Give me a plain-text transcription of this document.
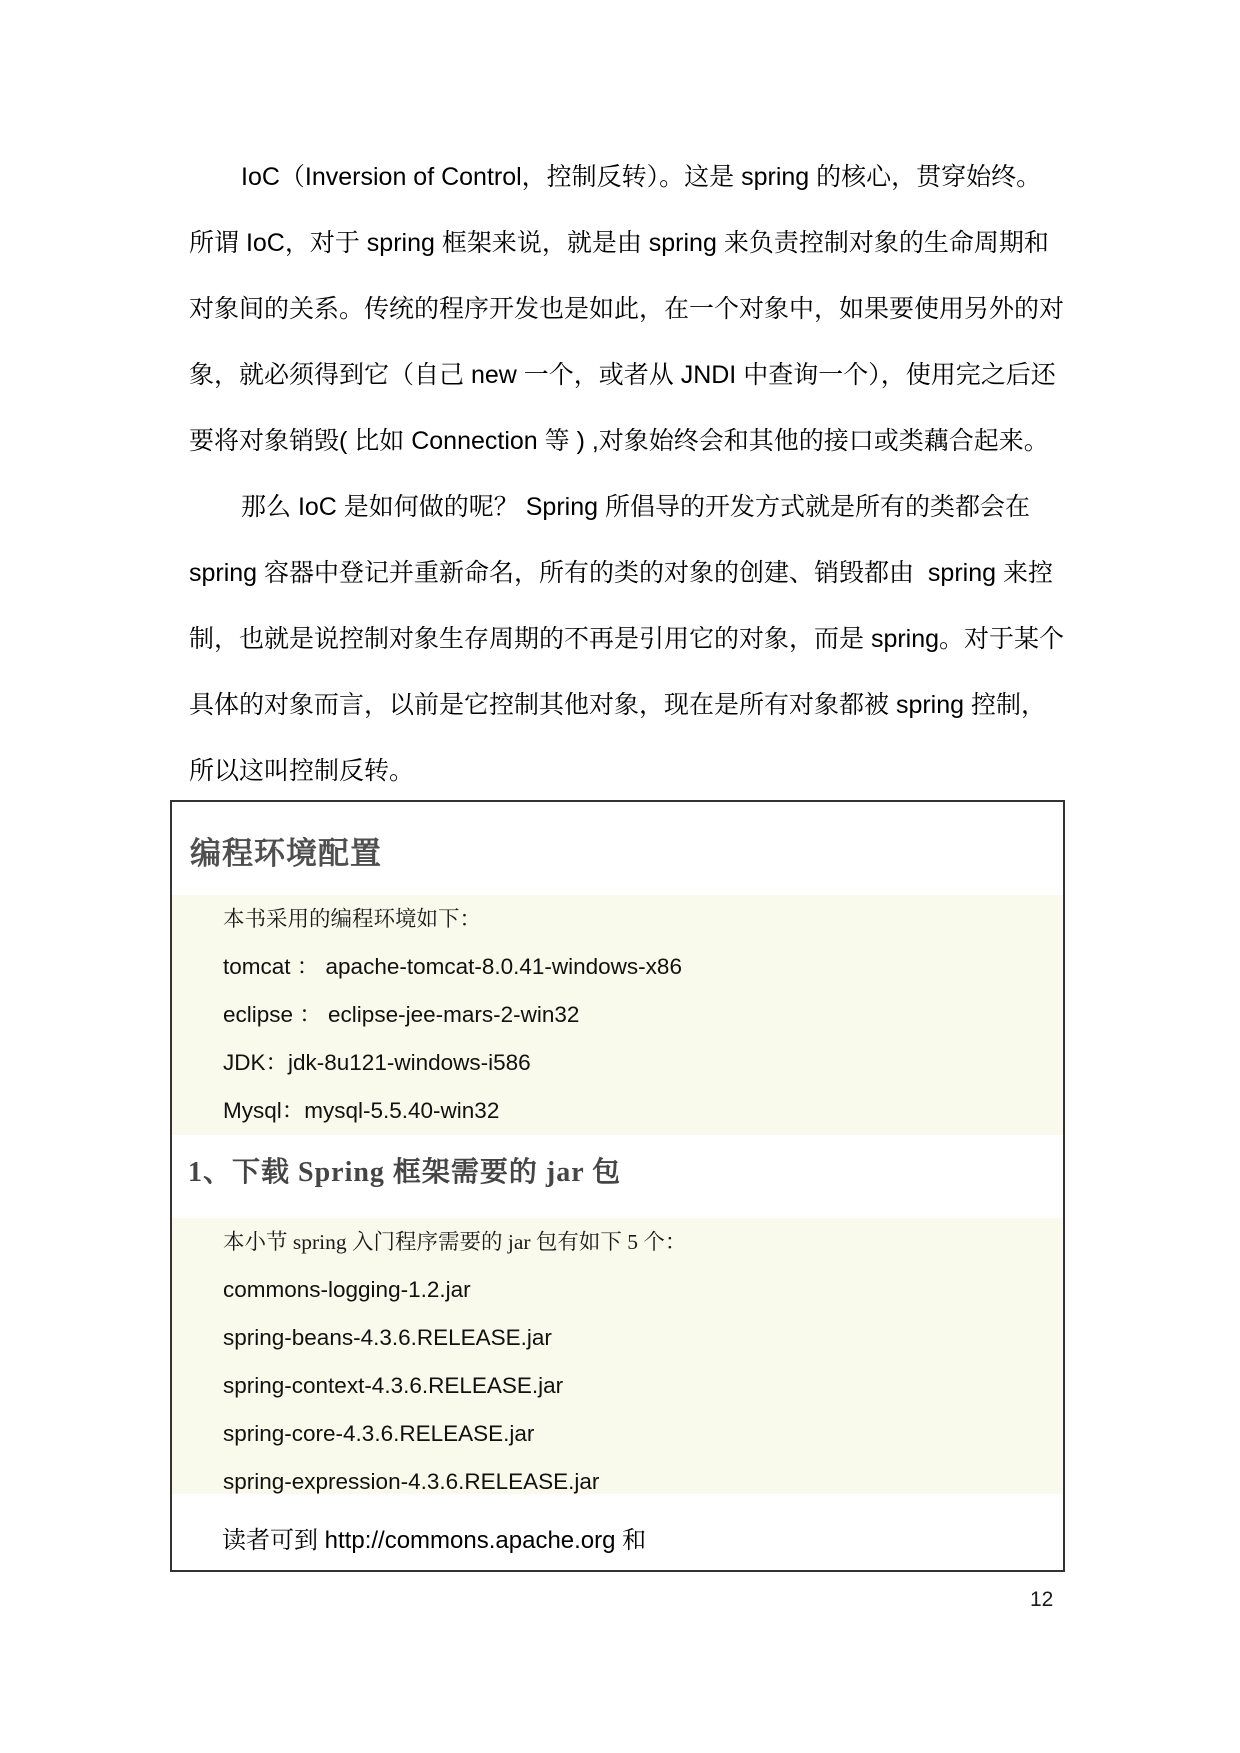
IoC（Inversion of Control，控制反转）。这是 spring 的核心，贯穿始终。
所谓 IoC，对于 spring 框架来说，就是由 spring 来负责控制对象的生命周期和
对象间的关系。传统的程序开发也是如此，在一个对象中，如果要使用另外的对
象，就必须得到它（自己 new 一个，或者从 JNDI 中查询一个），使用完之后还
要将对象销毁( 比如 Connection 等 ) ,对象始终会和其他的接口或类藕合起来。
那么 IoC 是如何做的呢？ Spring 所倡导的开发方式就是所有的类都会在
spring 容器中登记并重新命名，所有的类的对象的创建、销毁都由  spring 来控
制，也就是说控制对象生存周期的不再是引用它的对象，而是 spring。对于某个
具体的对象而言，以前是它控制其他对象，现在是所有对象都被 spring 控制，
所以这叫控制反转。
编程环境配置
本书采用的编程环境如下：
tomcat ： apache-tomcat-8.0.41-windows-x86
eclipse ： eclipse-jee-mars-2-win32
JDK：jdk-8u121-windows-i586
Mysql：mysql-5.5.40-win32
1、下载 Spring 框架需要的 jar 包
本小节 spring 入门程序需要的 jar 包有如下 5 个：
commons-logging-1.2.jar
spring-beans-4.3.6.RELEASE.jar
spring-context-4.3.6.RELEASE.jar
spring-core-4.3.6.RELEASE.jar
spring-expression-4.3.6.RELEASE.jar
读者可到 http://commons.apache.org 和
12
